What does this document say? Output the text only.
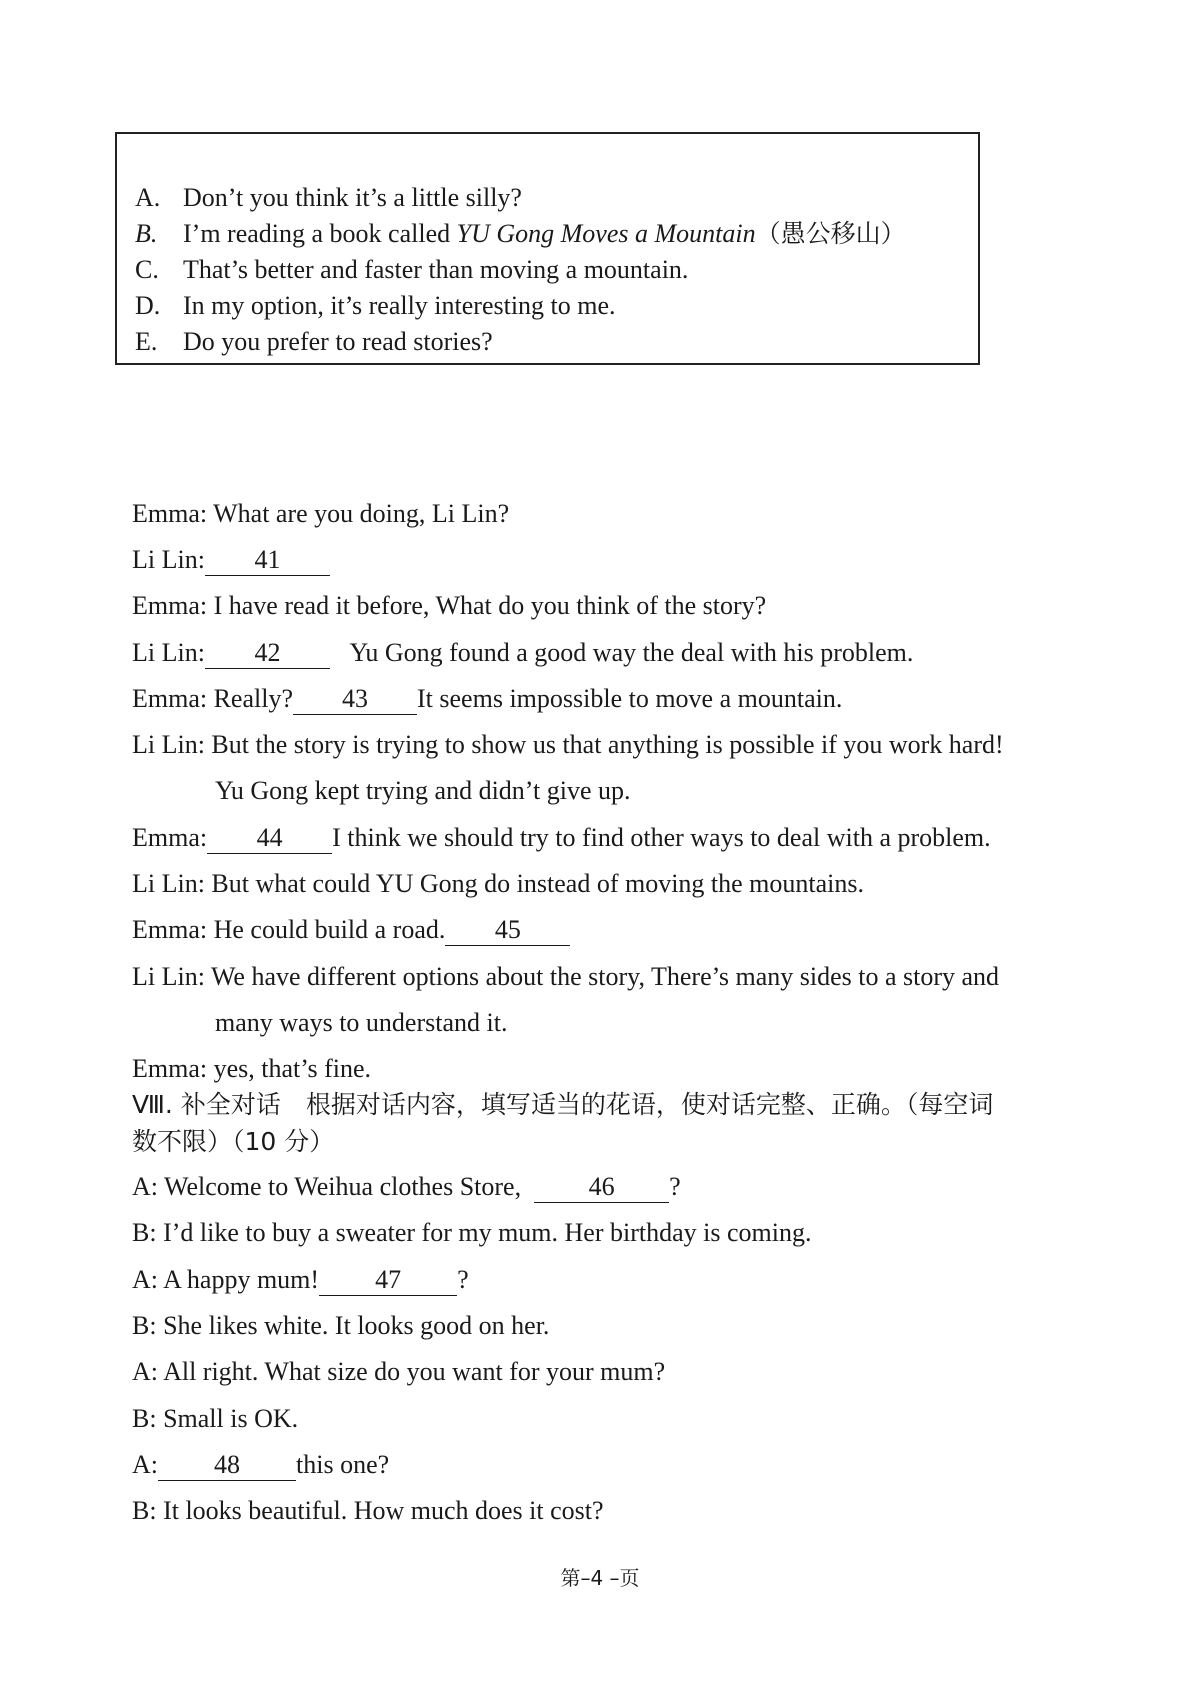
A. Don’t you think it’s a little silly?
B. I’m reading a book called YU Gong Moves a Mountain（愚公移山）
C. That’s better and faster than moving a mountain.
D. In my option, it’s really interesting to me.
E. Do you prefer to read stories?
Emma: What are you doing, Li Lin?
Li Lin: 41
Emma: I have read it before, What do you think of the story?
Li Lin: 42	Yu Gong found a good way the deal with his problem.
Emma: Really? 43 It seems impossible to move a mountain.
Li Lin: But the story is trying to show us that anything is possible if you work hard!
Yu Gong kept trying and didn’t give up.
Emma: 44 I think we should try to find other ways to deal with a problem.
Li Lin: But what could YU Gong do instead of moving the mountains.
Emma: He could build a road. 45
Li Lin: We have different options about the story, There’s many sides to a story and
many ways to understand it.
Emma: yes, that’s fine.
Ⅷ. 补全对话　根据对话内容，填写适当的花语，使对话完整、正确。（每空词
数不限）（10 分）
A: Welcome to Weihua clothes Store,	46 ?
B: I’d like to buy a sweater for my mum. Her birthday is coming.
A: A happy mum! 47 ?
B: She likes white. It looks good on her.
A: All right. What size do you want for your mum?
B: Small is OK.
A: 48 this one?
B: It looks beautiful. How much does it cost?
第–4 –页
